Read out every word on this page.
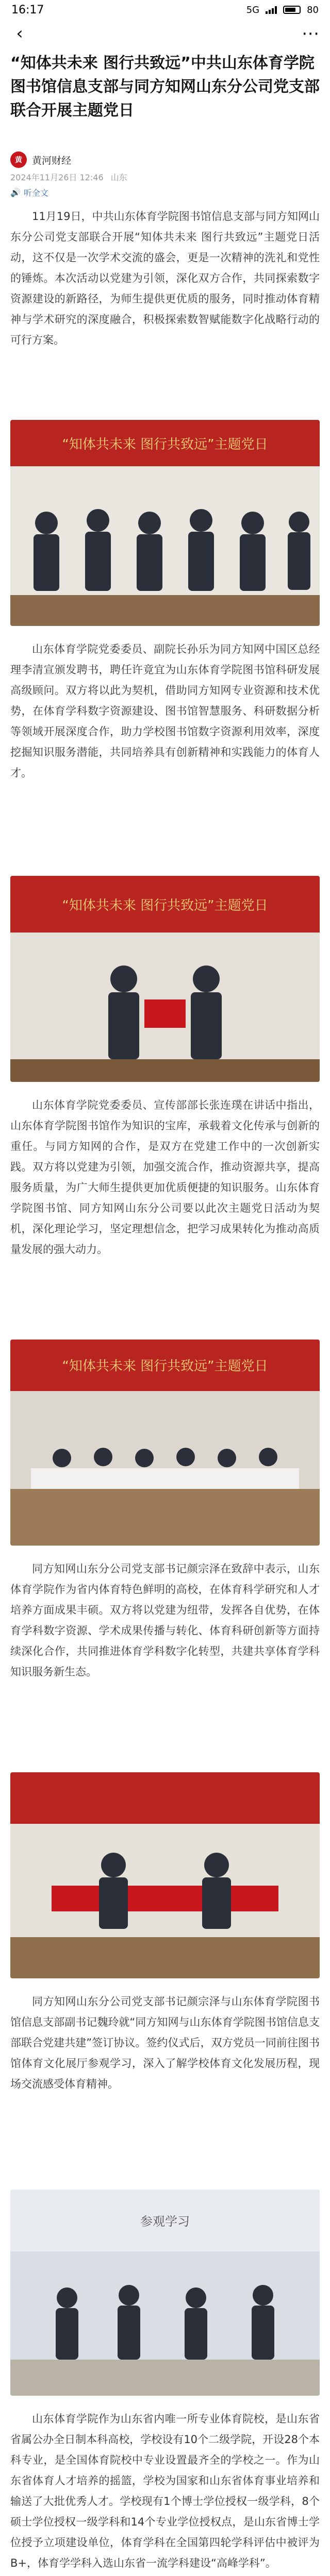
16:17	5G	80
‹	⋯
“知体共未来 图行共致远”中共山东体育学院图书馆信息支部与同方知网山东分公司党支部联合开展主题党日
黄	黄河财经
2024年11月26日 12:46 山东
🔊 听全文

11月19日，中共山东体育学院图书馆信息支部与同方知网山东分公司党支部联合开展“知体共未来 图行共致远”主题党日活动，这不仅是一次学术交流的盛会，更是一次精神的洗礼和党性的锤炼。本次活动以党建为引领，深化双方合作，共同探索数字资源建设的新路径，为师生提供更优质的服务，同时推动体育精神与学术研究的深度融合，积极探索数智赋能数字化战略行动的可行方案。

“知体共未来 图行共致远”主题党日

山东体育学院党委委员、副院长孙乐为同方知网中国区总经理李清宣颁发聘书，聘任许竟宜为山东体育学院图书馆科研发展高级顾问。双方将以此为契机，借助同方知网专业资源和技术优势，在体育学科数字资源建设、图书馆智慧服务、科研数据分析等领域开展深度合作，助力学校图书馆数字资源利用效率，深度挖掘知识服务潜能，共同培养具有创新精神和实践能力的体育人才。

“知体共未来 图行共致远”主题党日

山东体育学院党委委员、宣传部部长张连璞在讲话中指出，山东体育学院图书馆作为知识的宝库，承载着文化传承与创新的重任。与同方知网的合作，是双方在党建工作中的一次创新实践。双方将以党建为引领，加强交流合作，推动资源共享，提高服务质量，为广大师生提供更加优质便捷的知识服务。山东体育学院图书馆、同方知网山东分公司要以此次主题党日活动为契机，深化理论学习，坚定理想信念，把学习成果转化为推动高质量发展的强大动力。

“知体共未来 图行共致远”主题党日

同方知网山东分公司党支部书记颜宗泽在致辞中表示，山东体育学院作为省内体育特色鲜明的高校，在体育科学研究和人才培养方面成果丰硕。双方将以党建为纽带，发挥各自优势，在体育学科数字资源、学术成果传播与转化、体育科研创新等方面持续深化合作，共同推进体育学科数字化转型，共建共享体育学科知识服务新生态。

同方知网山东分公司党支部书记颜宗泽与山东体育学院图书馆信息支部副书记魏玲就“同方知网与山东体育学院图书馆信息支部联合党建共建”签订协议。签约仪式后，双方党员一同前往图书馆体育文化展厅参观学习，深入了解学校体育文化发展历程，现场交流感受体育精神。

参观学习

山东体育学院作为山东省内唯一所专业体育院校，是山东省省属公办全日制本科高校，学校设有10个二级学院，开设28个本科专业，是全国体育院校中专业设置最齐全的学校之一。作为山东省体育人才培养的摇篮，学校为国家和山东省体育事业培养和输送了大批优秀人才。学校现有1个博士学位授权一级学科，8个硕士学位授权一级学科和14个专业学位授权点，是山东省博士学位授予立项建设单位，体育学科在全国第四轮学科评估中被评为B+，体育学学科入选山东省一流学科建设“高峰学科”。
